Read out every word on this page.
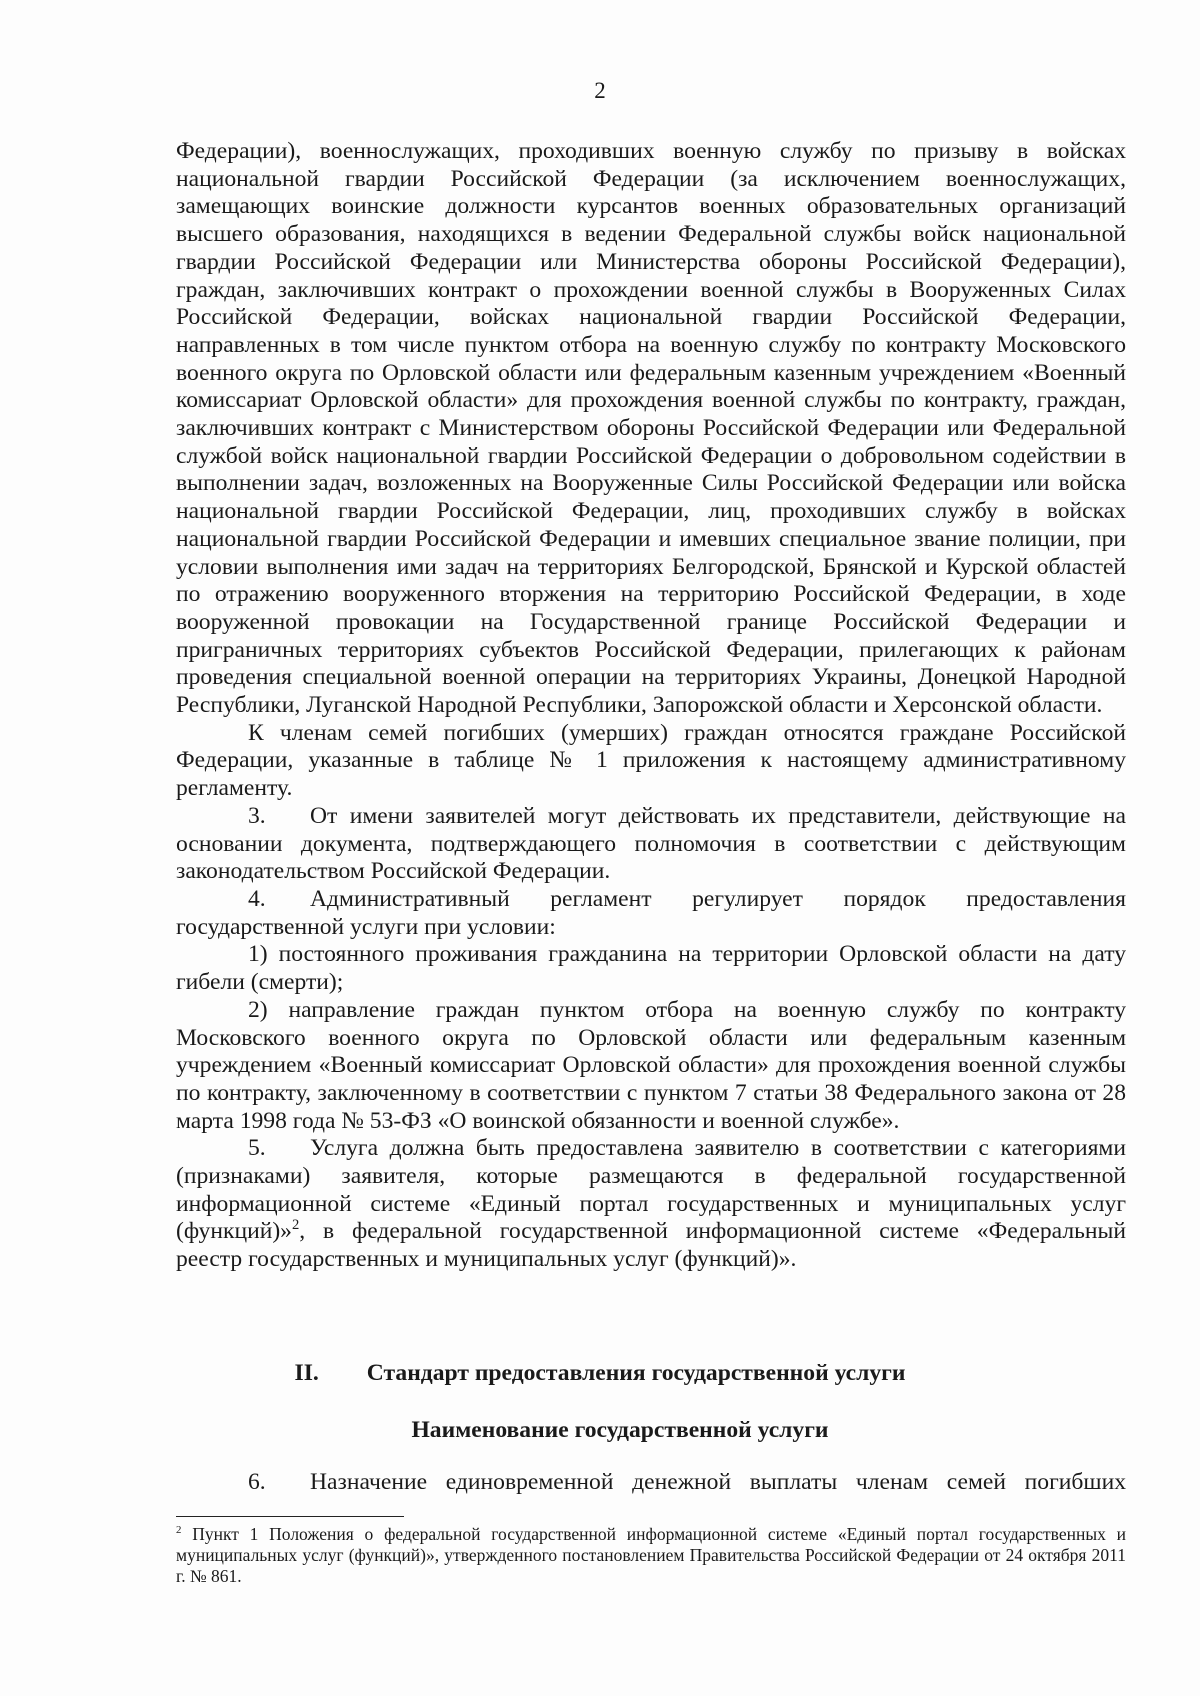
2

Федерации), военнослужащих, проходивших военную службу по призыву в войсках национальной гвардии Российской Федерации (за исключением военнослужащих, замещающих воинские должности курсантов военных образовательных организаций высшего образования, находящихся в ведении Федеральной службы войск национальной гвардии Российской Федерации или Министерства обороны Российской Федерации), граждан, заключивших контракт о прохождении военной службы в Вооруженных Силах Российской Федерации, войсках национальной гвардии Российской Федерации, направленных в том числе пунктом отбора на военную службу по контракту Московского военного округа по Орловской области или федеральным казенным учреждением «Военный комиссариат Орловской области» для прохождения военной службы по контракту, граждан, заключивших контракт с Министерством обороны Российской Федерации или Федеральной службой войск национальной гвардии Российской Федерации о добровольном содействии в выполнении задач, возложенных на Вооруженные Силы Российской Федерации или войска национальной гвардии Российской Федерации, лиц, проходивших службу в войсках национальной гвардии Российской Федерации и имевших специальное звание полиции, при условии выполнения ими задач на территориях Белгородской, Брянской и Курской областей по отражению вооруженного вторжения на территорию Российской Федерации, в ходе вооруженной провокации на Государственной границе Российской Федерации и приграничных территориях субъектов Российской Федерации, прилегающих к районам проведения специальной военной операции на территориях Украины, Донецкой Народной Республики, Луганской Народной Республики, Запорожской области и Херсонской области.

К членам семей погибших (умерших) граждан относятся граждане Российской Федерации, указанные в таблице № 1 приложения к настоящему административному регламенту.

3. От имени заявителей могут действовать их представители, действующие на основании документа, подтверждающего полномочия в соответствии с действующим законодательством Российской Федерации.

4. Административный регламент регулирует порядок предоставления государственной услуги при условии:

1) постоянного проживания гражданина на территории Орловской области на дату гибели (смерти);

2) направление граждан пунктом отбора на военную службу по контракту Московского военного округа по Орловской области или федеральным казенным учреждением «Военный комиссариат Орловской области» для прохождения военной службы по контракту, заключенному в соответствии с пунктом 7 статьи 38 Федерального закона от 28 марта 1998 года № 53-ФЗ «О воинской обязанности и военной службе».

5. Услуга должна быть предоставлена заявителю в соответствии с категориями (признаками) заявителя, которые размещаются в федеральной государственной информационной системе «Единый портал государственных и муниципальных услуг (функций)»$^2$, в федеральной государственной информационной системе «Федеральный реестр государственных и муниципальных услуг (функций)».

II. Стандарт предоставления государственной услуги
Наименование государственной услуги
6. Назначение единовременной денежной выплаты членам семей погибших
$^2$ Пункт 1 Положения о федеральной государственной информационной системе «Единый портал государственных и муниципальных услуг (функций)», утвержденного постановлением Правительства Российской Федерации от 24 октября 2011 г. № 861.
